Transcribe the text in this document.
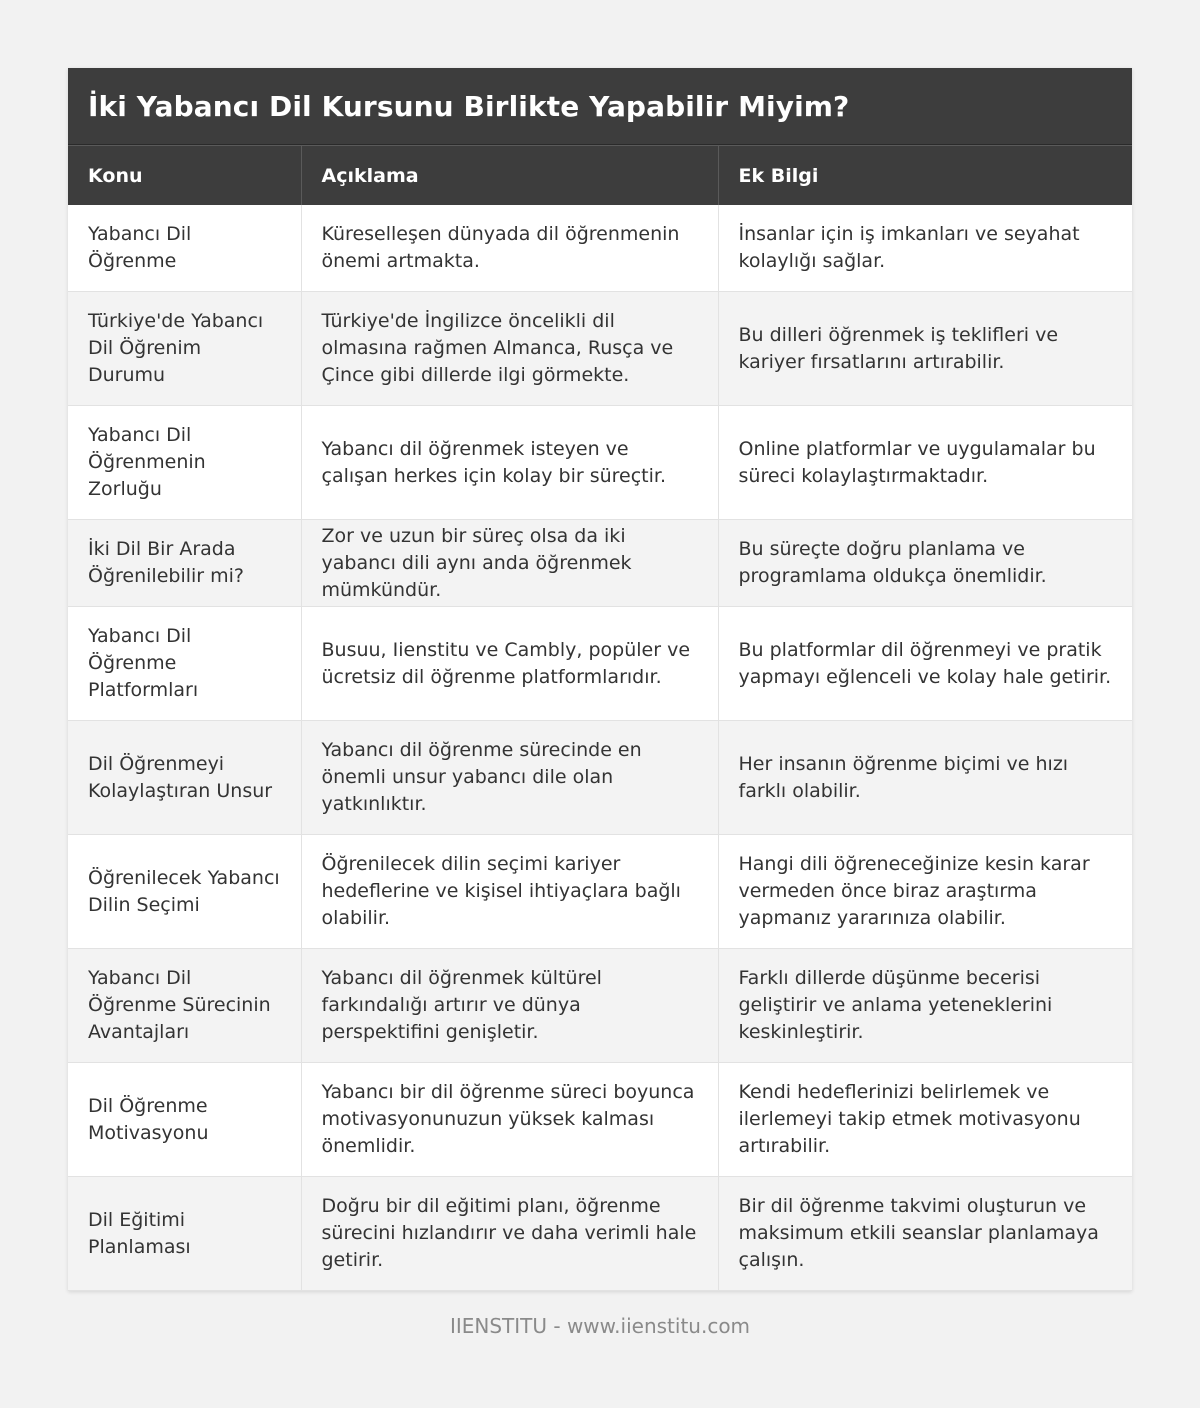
İki Yabancı Dil Kursunu Birlikte Yapabilir Miyim?
Konu	Açıklama	Ek Bilgi
Yabancı Dil Öğrenme	Küreselleşen dünyada dil öğrenmenin önemi artmakta.	İnsanlar için iş imkanları ve seyahat kolaylığı sağlar.
Türkiye'de Yabancı Dil Öğrenim Durumu	Türkiye'de İngilizce öncelikli dil olmasına rağmen Almanca, Rusça ve Çince gibi dillerde ilgi görmekte.	Bu dilleri öğrenmek iş teklifleri ve kariyer fırsatlarını artırabilir.
Yabancı Dil Öğrenmenin Zorluğu	Yabancı dil öğrenmek isteyen ve çalışan herkes için kolay bir süreçtir.	Online platformlar ve uygulamalar bu süreci kolaylaştırmaktadır.
İki Dil Bir Arada Öğrenilebilir mi?	Zor ve uzun bir süreç olsa da iki yabancı dili aynı anda öğrenmek mümkündür.	Bu süreçte doğru planlama ve programlama oldukça önemlidir.
Yabancı Dil Öğrenme Platformları	Busuu, Iienstitu ve Cambly, popüler ve ücretsiz dil öğrenme platformlarıdır.	Bu platformlar dil öğrenmeyi ve pratik yapmayı eğlenceli ve kolay hale getirir.
Dil Öğrenmeyi Kolaylaştıran Unsur	Yabancı dil öğrenme sürecinde en önemli unsur yabancı dile olan yatkınlıktır.	Her insanın öğrenme biçimi ve hızı farklı olabilir.
Öğrenilecek Yabancı Dilin Seçimi	Öğrenilecek dilin seçimi kariyer hedeflerine ve kişisel ihtiyaçlara bağlı olabilir.	Hangi dili öğreneceğinize kesin karar vermeden önce biraz araştırma yapmanız yararınıza olabilir.
Yabancı Dil Öğrenme Sürecinin Avantajları	Yabancı dil öğrenmek kültürel farkındalığı artırır ve dünya perspektifini genişletir.	Farklı dillerde düşünme becerisi geliştirir ve anlama yeteneklerini keskinleştirir.
Dil Öğrenme Motivasyonu	Yabancı bir dil öğrenme süreci boyunca motivasyonunuzun yüksek kalması önemlidir.	Kendi hedeflerinizi belirlemek ve ilerlemeyi takip etmek motivasyonu artırabilir.
Dil Eğitimi Planlaması	Doğru bir dil eğitimi planı, öğrenme sürecini hızlandırır ve daha verimli hale getirir.	Bir dil öğrenme takvimi oluşturun ve maksimum etkili seanslar planlamaya çalışın.
IIENSTITU - www.iienstitu.com
